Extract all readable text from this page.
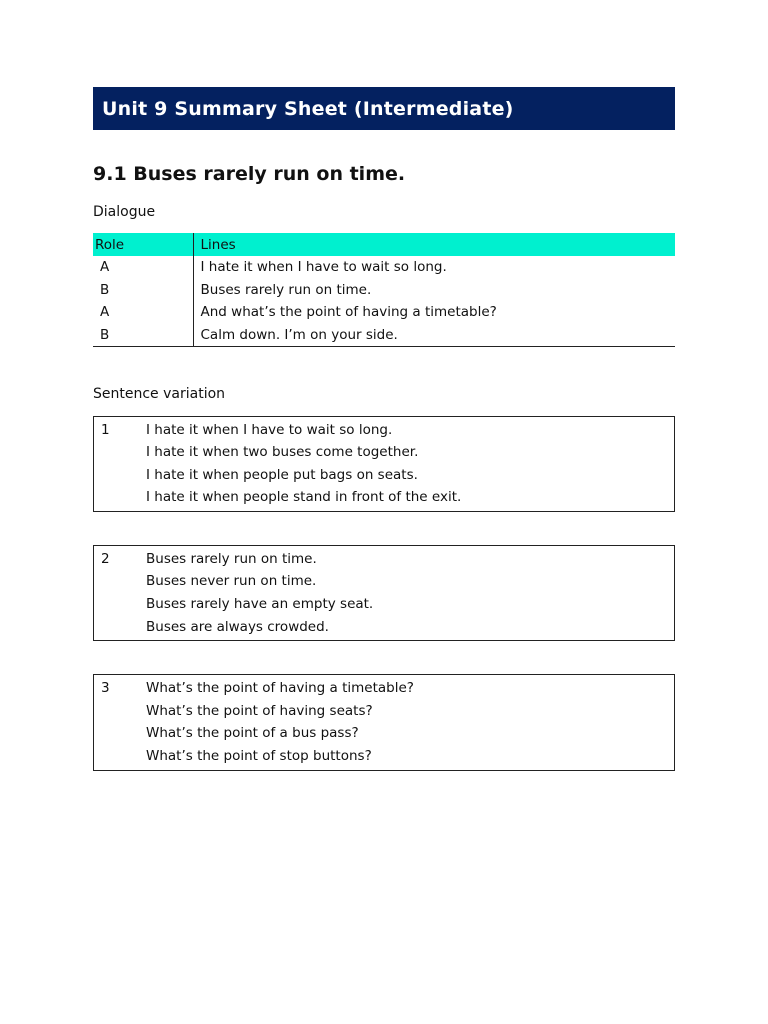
Unit 9 Summary Sheet (Intermediate)
9.1 Buses rarely run on time.
Dialogue
Role	Lines
A	I hate it when I have to wait so long.
B	Buses rarely run on time.
A	And what’s the point of having a timetable?
B	Calm down. I’m on your side.
Sentence variation
1	I hate it when I have to wait so long.
I hate it when two buses come together.
I hate it when people put bags on seats.
I hate it when people stand in front of the exit.
2	Buses rarely run on time.
Buses never run on time.
Buses rarely have an empty seat.
Buses are always crowded.
3	What’s the point of having a timetable?
What’s the point of having seats?
What’s the point of a bus pass?
What’s the point of stop buttons?
